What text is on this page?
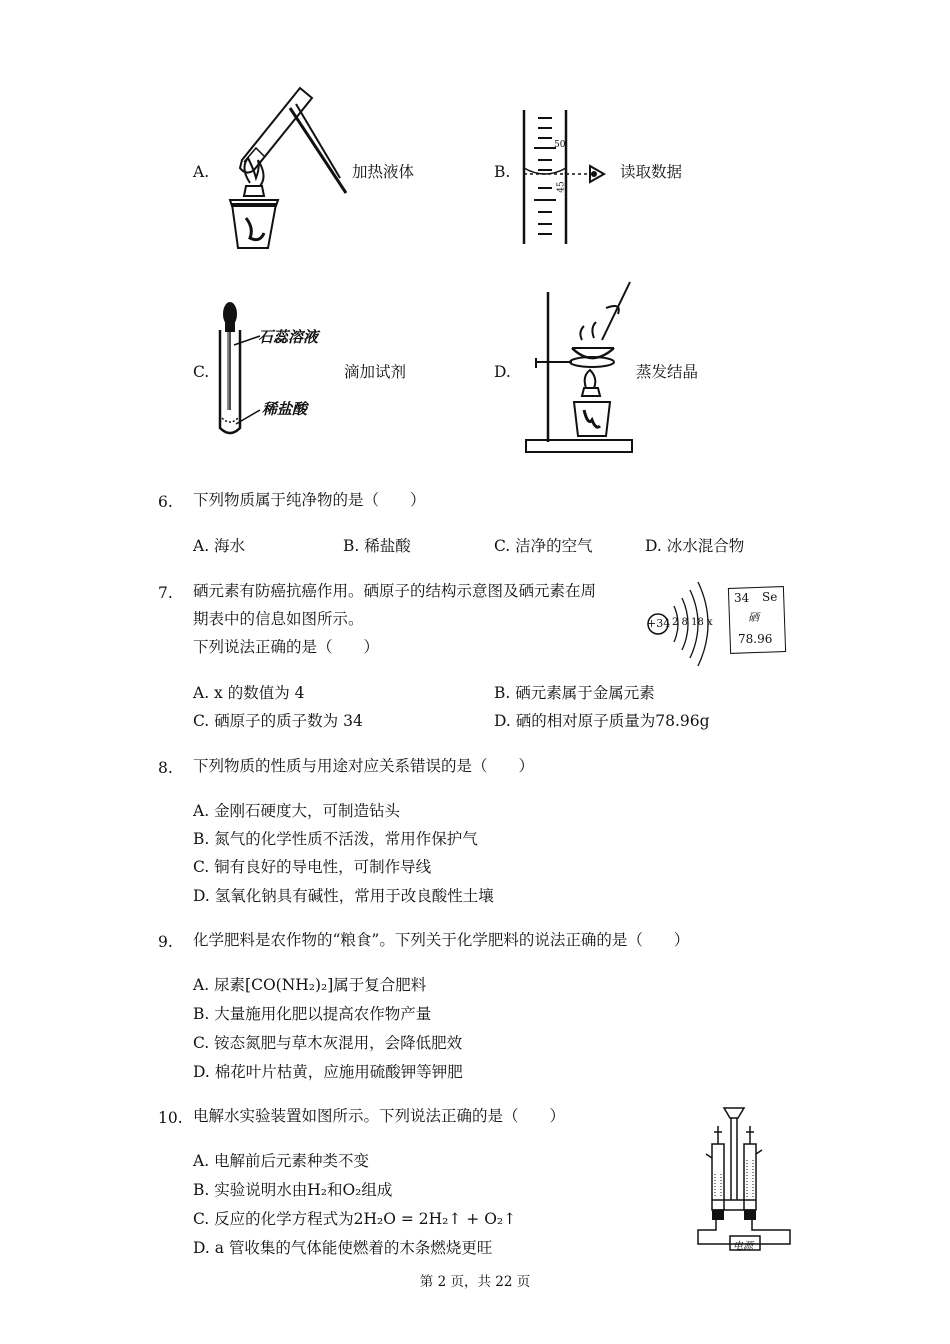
A.	加热液体
50
45
B.	读取数据
石蕊溶液
稀盐酸
C.	滴加试剂	D.	蒸发结晶
6. 下列物质属于纯净物的是（　　）
A. 海水	B. 稀盐酸	C. 洁净的空气	D. 冰水混合物
7. 硒元素有防癌抗癌作用。硒原子的结构示意图及硒元素在周
期表中的信息如图所示。
下列说法正确的是（　　）
+34 2 8 18 x
34 Se
硒
78.96
A. x 的数值为 4	B. 硒元素属于金属元素
C. 硒原子的质子数为 34	D. 硒的相对原子质量为78.96g
8. 下列物质的性质与用途对应关系错误的是（　　）
A. 金刚石硬度大，可制造钻头
B. 氮气的化学性质不活泼，常用作保护气
C. 铜有良好的导电性，可制作导线
D. 氢氧化钠具有碱性，常用于改良酸性土壤
9. 化学肥料是农作物的“粮食”。下列关于化学肥料的说法正确的是（　　）
A. 尿素[CO(NH₂)₂]属于复合肥料
B. 大量施用化肥以提高农作物产量
C. 铵态氮肥与草木灰混用，会降低肥效
D. 棉花叶片枯黄，应施用硫酸钾等钾肥
10. 电解水实验装置如图所示。下列说法正确的是（　　）
A. 电解前后元素种类不变
B. 实验说明水由H₂和O₂组成
C. 反应的化学方程式为2H₂O = 2H₂↑ + O₂↑
D. a 管收集的气体能使燃着的木条燃烧更旺	电源
第 2 页，共 22 页
